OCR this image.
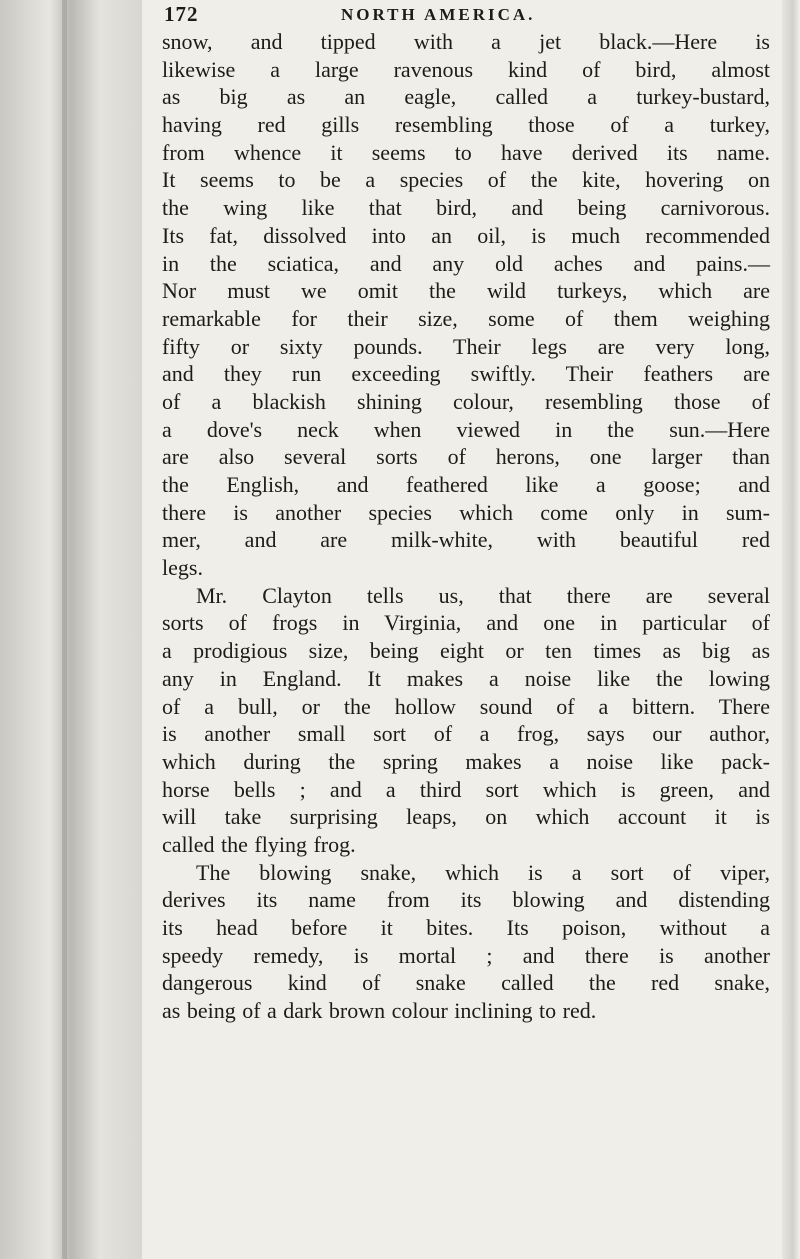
172	NORTH AMERICA.
snow, and tipped with a jet black.—Here is
likewise a large ravenous kind of bird, almost
as big as an eagle, called a turkey-bustard,
having red gills resembling those of a turkey,
from whence it seems to have derived its name.
It seems to be a species of the kite, hovering on
the wing like that bird, and being carnivorous.
Its fat, dissolved into an oil, is much recommended
in the sciatica, and any old aches and pains.—
Nor must we omit the wild turkeys, which are
remarkable for their size, some of them weighing
fifty or sixty pounds. Their legs are very long,
and they run exceeding swiftly. Their feathers are
of a blackish shining colour, resembling those of
a dove's neck when viewed in the sun.—Here
are also several sorts of herons, one larger than
the English, and feathered like a goose; and
there is another species which come only in sum-
mer, and are milk-white, with beautiful red
legs.
Mr. Clayton tells us, that there are several
sorts of frogs in Virginia, and one in particular of
a prodigious size, being eight or ten times as big as
any in England. It makes a noise like the lowing
of a bull, or the hollow sound of a bittern. There
is another small sort of a frog, says our author,
which during the spring makes a noise like pack-
horse bells ; and a third sort which is green, and
will take surprising leaps, on which account it is
called the flying frog.
The blowing snake, which is a sort of viper,
derives its name from its blowing and distending
its head before it bites. Its poison, without a
speedy remedy, is mortal ; and there is another
dangerous kind of snake called the red snake,
as being of a dark brown colour inclining to red.
